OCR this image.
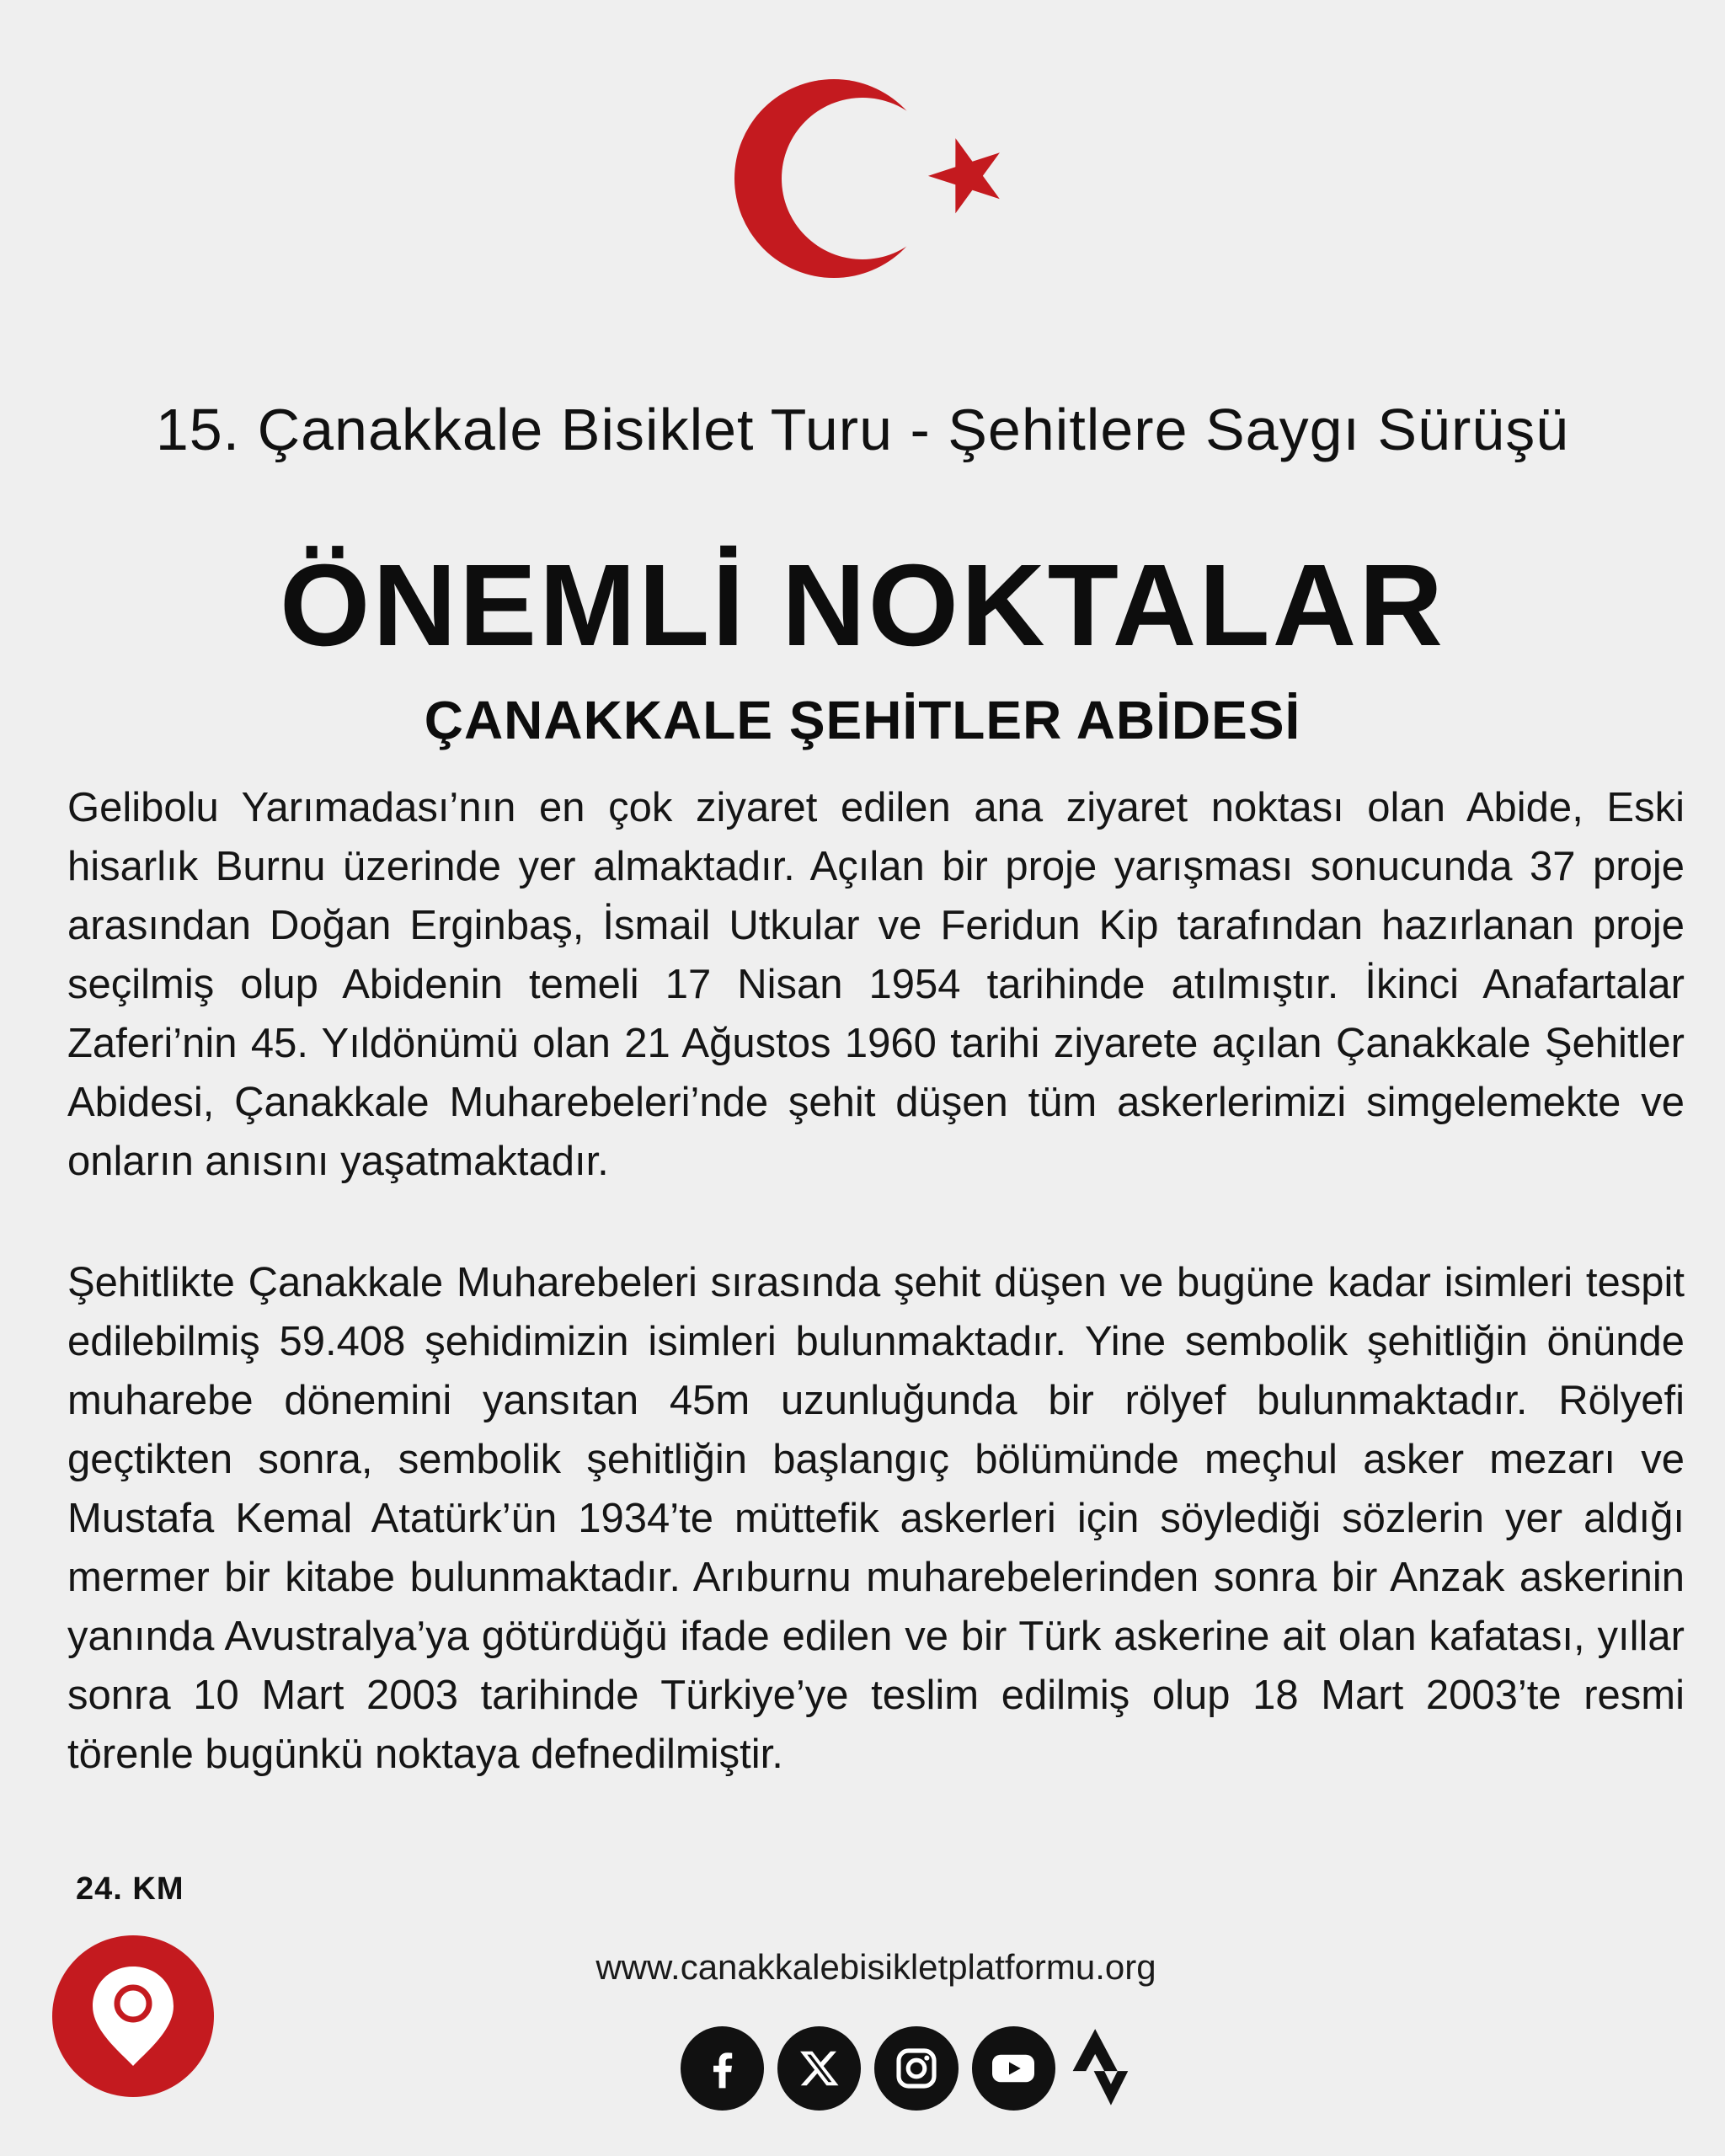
15. Çanakkale Bisiklet Turu - Şehitlere Saygı Sürüşü
ÖNEMLİ NOKTALAR
ÇANAKKALE ŞEHİTLER ABİDESİ

Gelibolu Yarımadası’nın en çok ziyaret edilen ana ziyaret noktası olan Abide, Eski hisarlık Burnu üzerinde yer almaktadır. Açılan bir proje yarışması sonucunda 37 proje arasından Doğan Erginbaş, İsmail Utkular ve Feridun Kip tarafından hazırlanan proje seçilmiş olup Abidenin temeli 17 Nisan 1954 tarihinde atılmıştır. İkinci Anafartalar Zaferi’nin 45. Yıldönümü olan 21 Ağustos 1960 tarihi ziyarete açılan Çanakkale Şehitler Abidesi, Çanakkale Muharebeleri’nde şehit düşen tüm askerlerimizi simgelemekte ve onların anısını yaşatmaktadır.

Şehitlikte Çanakkale Muharebeleri sırasında şehit düşen ve bugüne kadar isimleri tespit edilebilmiş 59.408 şehidimizin isimleri bulunmaktadır. Yine sembolik şehitliğin önünde muharebe dönemini yansıtan 45m uzunluğunda bir rölyef bulunmaktadır. Rölyefi geçtikten sonra, sembolik şehitliğin başlangıç bölümünde meçhul asker mezarı ve Mustafa Kemal Atatürk’ün 1934’te müttefik askerleri için söylediği sözlerin yer aldığı mermer bir kitabe bulunmaktadır. Arıburnu muharebelerinden sonra bir Anzak askerinin yanında Avustralya’ya götürdüğü ifade edilen ve bir Türk askerine ait olan kafatası, yıllar sonra 10 Mart 2003 tarihinde Türkiye’ye teslim edilmiş olup 18 Mart 2003’te resmi törenle bugünkü noktaya defnedilmiştir.

24. KM
www.canakkalebisikletplatformu.org
